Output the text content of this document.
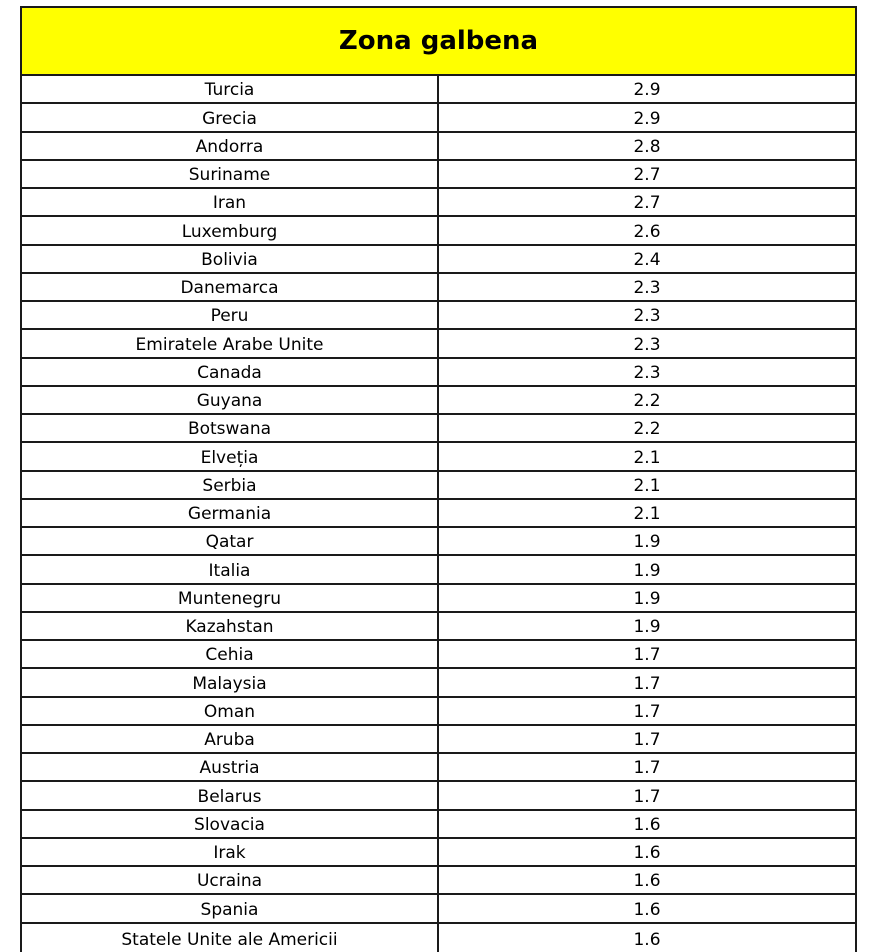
Zona galbena
Turcia	2.9
Grecia	2.9
Andorra	2.8
Suriname	2.7
Iran	2.7
Luxemburg	2.6
Bolivia	2.4
Danemarca	2.3
Peru	2.3
Emiratele Arabe Unite	2.3
Canada	2.3
Guyana	2.2
Botswana	2.2
Elveția	2.1
Serbia	2.1
Germania	2.1
Qatar	1.9
Italia	1.9
Muntenegru	1.9
Kazahstan	1.9
Cehia	1.7
Malaysia	1.7
Oman	1.7
Aruba	1.7
Austria	1.7
Belarus	1.7
Slovacia	1.6
Irak	1.6
Ucraina	1.6
Spania	1.6
Statele Unite ale Americii	1.6
